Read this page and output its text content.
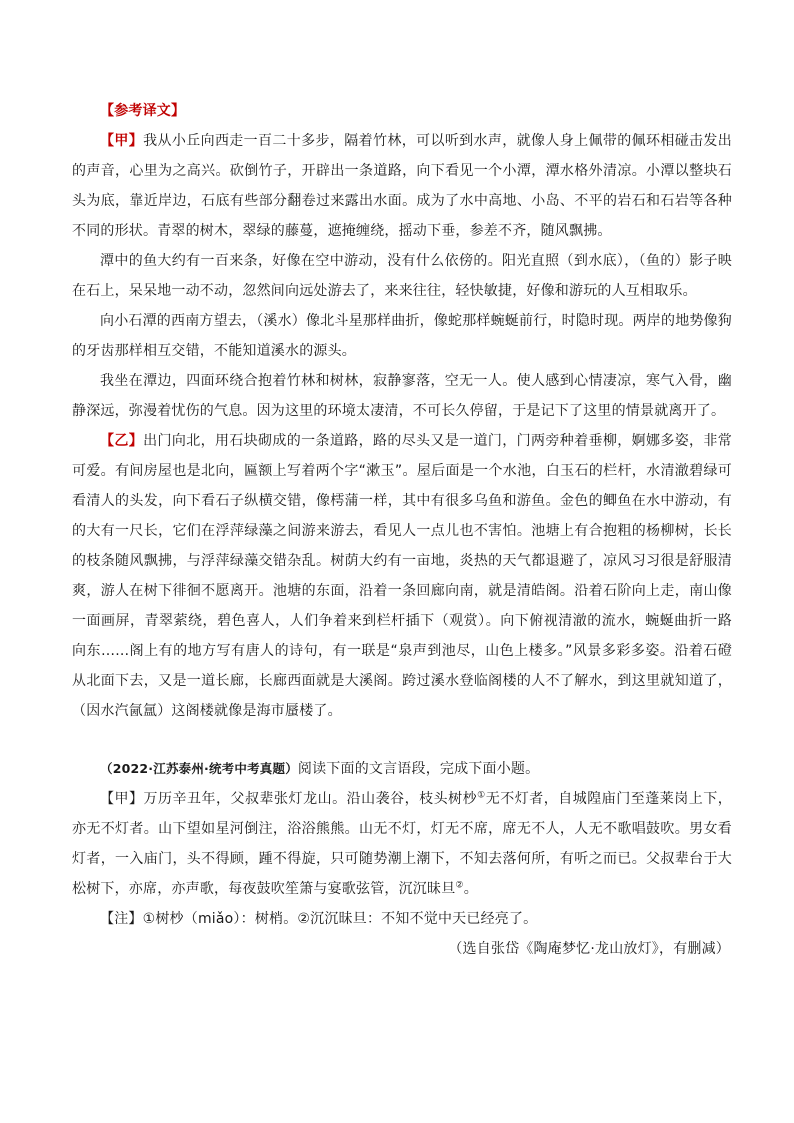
【参考译文】

【甲】我从小丘向西走一百二十多步，隔着竹林，可以听到水声，就像人身上佩带的佩环相碰击发出的声音，心里为之高兴。砍倒竹子，开辟出一条道路，向下看见一个小潭，潭水格外清凉。小潭以整块石头为底，靠近岸边，石底有些部分翻卷过来露出水面。成为了水中高地、小岛、不平的岩石和石岩等各种不同的形状。青翠的树木，翠绿的藤蔓，遮掩缠绕，摇动下垂，参差不齐，随风飘拂。

潭中的鱼大约有一百来条，好像在空中游动，没有什么依傍的。阳光直照（到水底），（鱼的）影子映在石上，呆呆地一动不动，忽然间向远处游去了，来来往往，轻快敏捷，好像和游玩的人互相取乐。

向小石潭的西南方望去，（溪水）像北斗星那样曲折，像蛇那样蜿蜒前行，时隐时现。两岸的地势像狗的牙齿那样相互交错，不能知道溪水的源头。

我坐在潭边，四面环绕合抱着竹林和树林，寂静寥落，空无一人。使人感到心情凄凉，寒气入骨，幽静深远，弥漫着忧伤的气息。因为这里的环境太凄清，不可长久停留，于是记下了这里的情景就离开了。

【乙】出门向北，用石块砌成的一条道路，路的尽头又是一道门，门两旁种着垂柳，婀娜多姿，非常可爱。有间房屋也是北向，匾额上写着两个字“漱玉”。屋后面是一个水池，白玉石的栏杆，水清澈碧绿可看清人的头发，向下看石子纵横交错，像樗蒲一样，其中有很多乌鱼和游鱼。金色的鲫鱼在水中游动，有的大有一尺长，它们在浮萍绿藻之间游来游去，看见人一点儿也不害怕。池塘上有合抱粗的杨柳树，长长的枝条随风飘拂，与浮萍绿藻交错杂乱。树荫大约有一亩地，炎热的天气都退避了，凉风习习很是舒服清爽，游人在树下徘徊不愿离开。池塘的东面，沿着一条回廊向南，就是清皓阁。沿着石阶向上走，南山像一面画屏，青翠萦绕，碧色喜人，人们争着来到栏杆插下（观赏）。向下俯视清澈的流水，蜿蜒曲折一路向东……阁上有的地方写有唐人的诗句，有一联是“泉声到池尽，山色上楼多。”风景多彩多姿。沿着石磴从北面下去，又是一道长廊，长廊西面就是大溪阁。跨过溪水登临阁楼的人不了解水，到这里就知道了，（因水汽氤氲）这阁楼就像是海市蜃楼了。

（2022·江苏泰州·统考中考真题）阅读下面的文言语段，完成下面小题。

【甲】万历辛丑年，父叔辈张灯龙山。沿山袭谷，枝头树杪①无不灯者，自城隍庙门至蓬莱岗上下，亦无不灯者。山下望如星河倒注，浴浴熊熊。山无不灯，灯无不席，席无不人，人无不歌唱鼓吹。男女看灯者，一入庙门，头不得顾，踵不得旋，只可随势潮上潮下，不知去落何所，有听之而已。父叔辈台于大松树下，亦席，亦声歌，每夜鼓吹笙箫与宴歌弦管，沉沉昧旦②。

【注】①树杪（miǎo）：树梢。②沉沉昧旦：不知不觉中天已经亮了。

（选自张岱《陶庵梦忆·龙山放灯》，有删减）
